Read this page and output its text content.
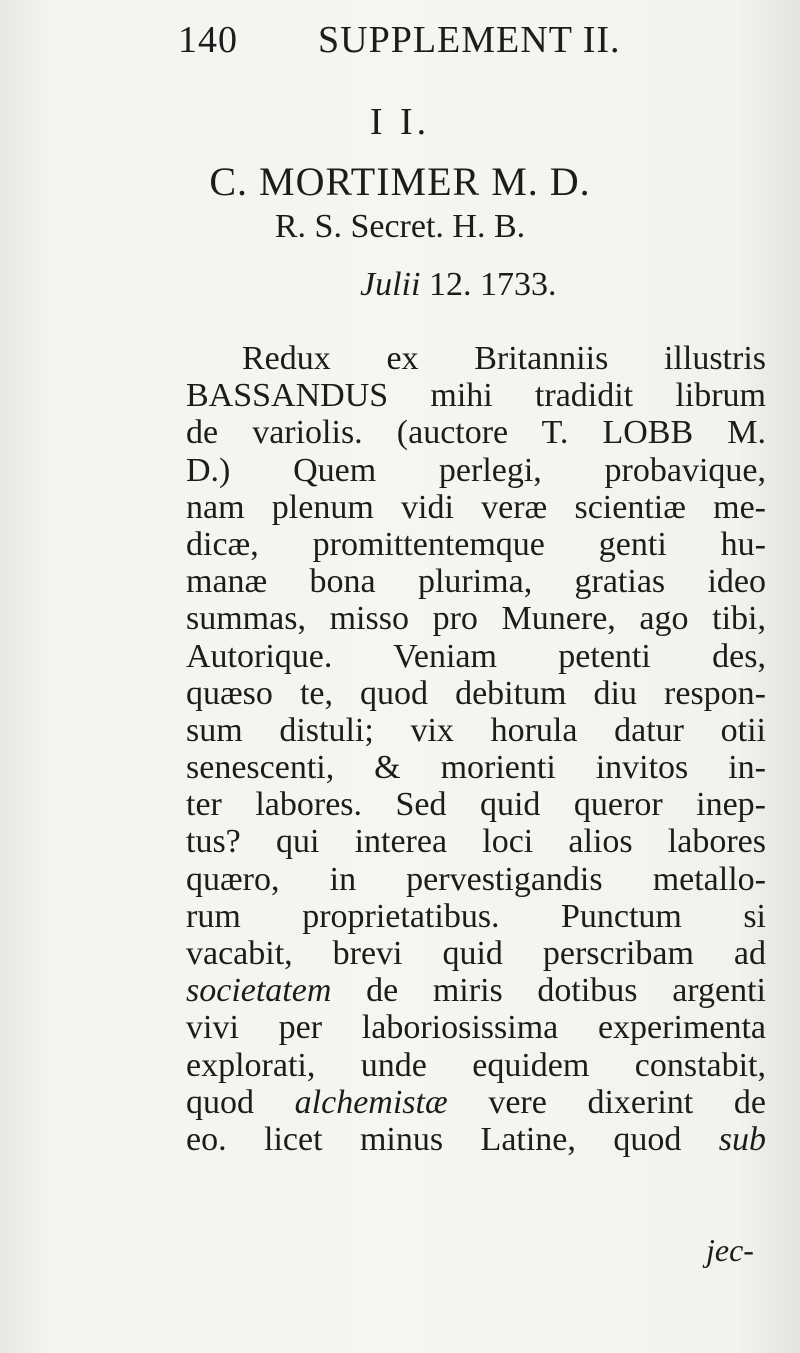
140 SUPPLEMENT II.
I I.
C. MORTIMER M. D.
R. S. Secret. H. B.
Julii 12. 1733.
Redux ex Britanniis illustris
BASSANDUS mihi tradidit librum
de variolis. (auctore T. LOBB M.
D.) Quem perlegi, probavique,
nam plenum vidi veræ scientiæ me-
dicæ, promittentemque genti hu-
manæ bona plurima, gratias ideo
summas, misso pro Munere, ago tibi,
Autorique. Veniam petenti des,
quæso te, quod debitum diu respon-
sum distuli; vix horula datur otii
senescenti, & morienti invitos in-
ter labores. Sed quid queror inep-
tus? qui interea loci alios labores
quæro, in pervestigandis metallo-
rum proprietatibus. Punctum si
vacabit, brevi quid perscribam ad
societatem de miris dotibus argenti
vivi per laboriosissima experimenta
explorati, unde equidem constabit,
quod alchemistæ vere dixerint de
eo. licet minus Latine, quod sub
jec-
